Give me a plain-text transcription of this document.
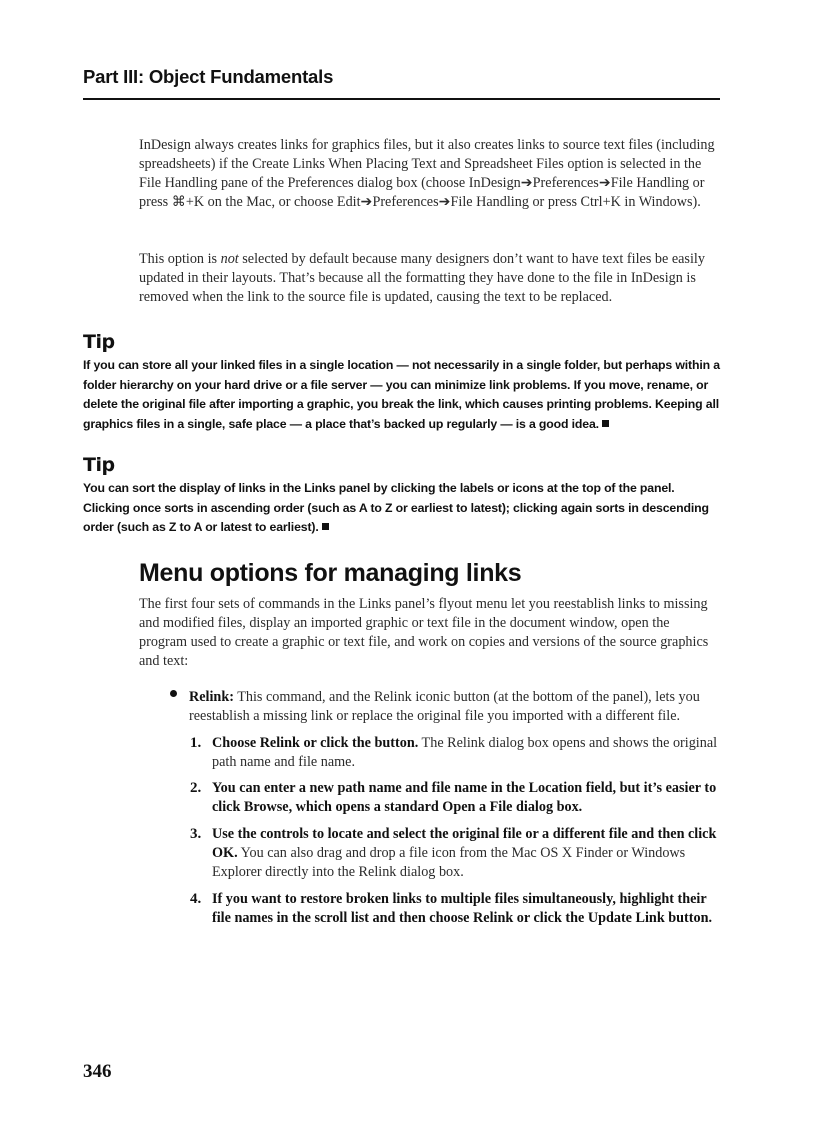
Part III: Object Fundamentals

InDesign always creates links for graphics files, but it also creates links to source text files (including spreadsheets) if the Create Links When Placing Text and Spreadsheet Files option is selected in the File Handling pane of the Preferences dialog box (choose InDesign➔Preferences➔File Handling or press ⌘+K on the Mac, or choose Edit➔Preferences➔File Handling or press Ctrl+K in Windows).

This option is not selected by default because many designers don’t want to have text files be easily updated in their layouts. That’s because all the formatting they have done to the file in InDesign is removed when the link to the source file is updated, causing the text to be replaced.

Tip

If you can store all your linked files in a single location — not necessarily in a single folder, but perhaps within a folder hierarchy on your hard drive or a file server — you can minimize link problems. If you move, rename, or delete the original file after importing a graphic, you break the link, which causes printing problems. Keeping all graphics files in a single, safe place — a place that’s backed up regularly — is a good idea.

Tip

You can sort the display of links in the Links panel by clicking the labels or icons at the top of the panel. Clicking once sorts in ascending order (such as A to Z or earliest to latest); clicking again sorts in descending order (such as Z to A or latest to earliest).

Menu options for managing links

The first four sets of commands in the Links panel’s flyout menu let you reestablish links to missing and modified files, display an imported graphic or text file in the document window, open the program used to create a graphic or text file, and work on copies and versions of the source graphics and text:

Relink: This command, and the Relink iconic button (at the bottom of the panel), lets you reestablish a missing link or replace the original file you imported with a different file.

1. Choose Relink or click the button. The Relink dialog box opens and shows the original path name and file name.
2. You can enter a new path name and file name in the Location field, but it’s easier to click Browse, which opens a standard Open a File dialog box.
3. Use the controls to locate and select the original file or a different file and then click OK. You can also drag and drop a file icon from the Mac OS X Finder or Windows Explorer directly into the Relink dialog box.
4. If you want to restore broken links to multiple files simultaneously, highlight their file names in the scroll list and then choose Relink or click the Update Link button.
346
